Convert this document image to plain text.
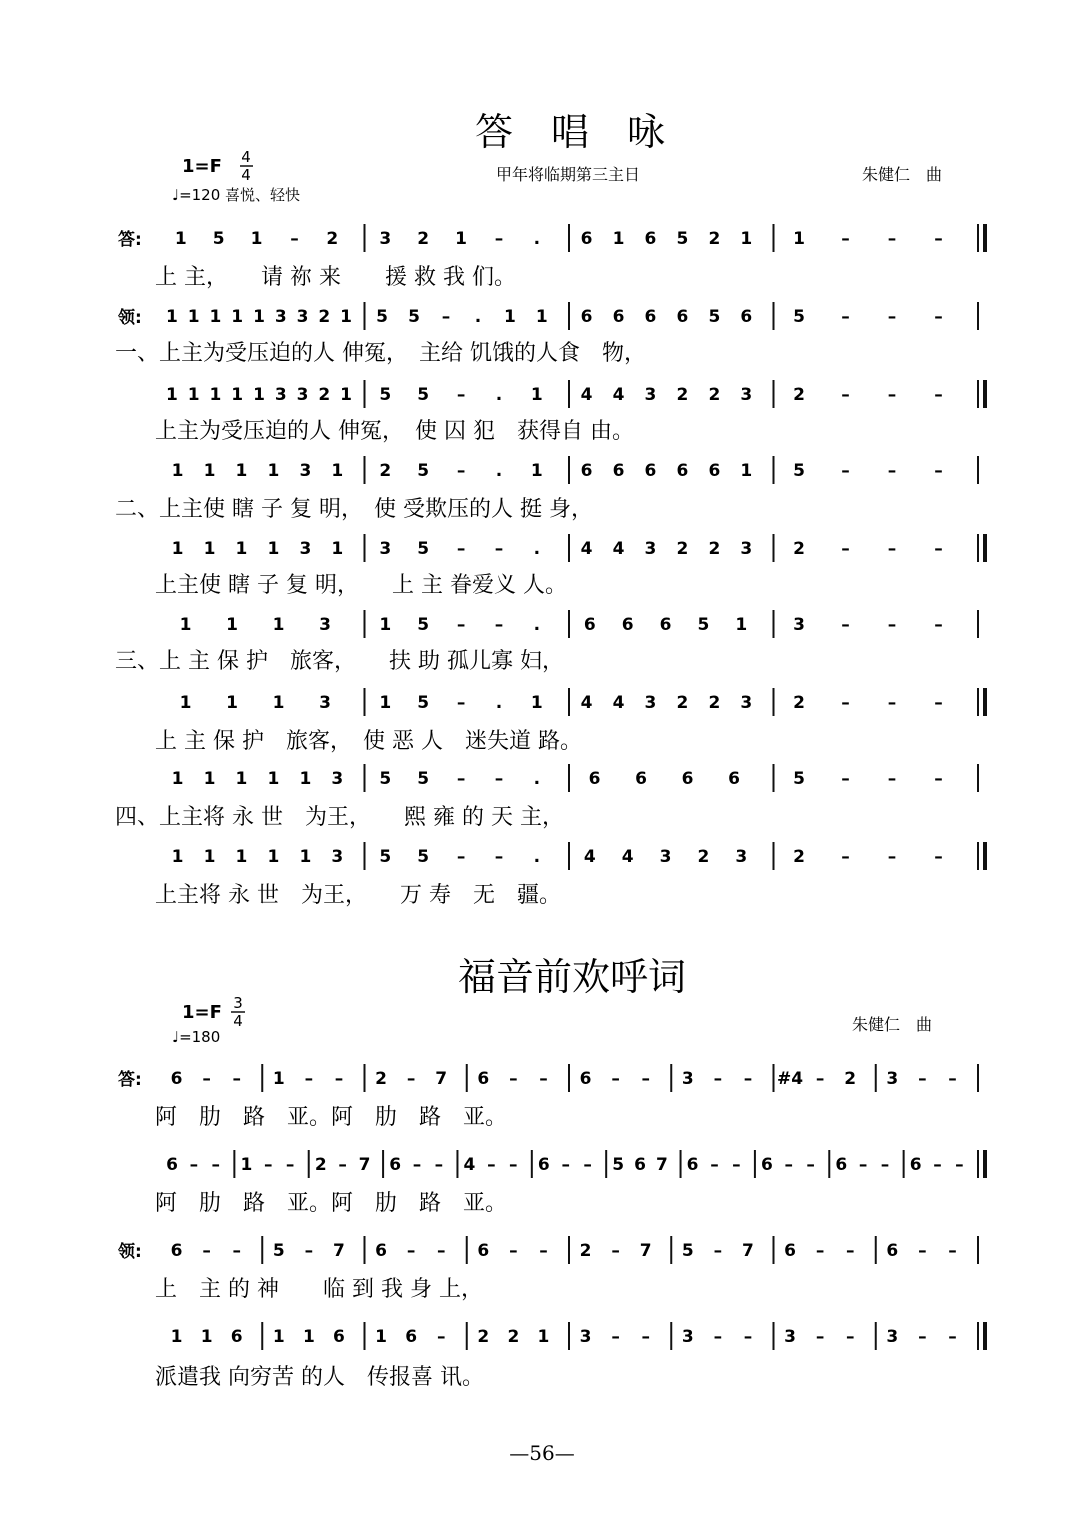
答　唱　咏
1=F 4
4
♩=120 喜悦、轻快
甲年将临期第三主日	朱健仁　曲
答: 1 5 1 – 2 3 2 1 – . 6 1 6 5 2 1 1 – – –
上 主，　　请 祢 来　　援 救 我 们。
领: 1 1 1 1 1 3 3 2 1 5 5 – . 1 1 6 6 6 6 5 6 5 – – –
一、上主为受压迫的人 伸冤，　主给 饥饿的人食　物，
1 1 1 1 1 3 3 2 1 5 5 – . 1 4 4 3 2 2 3 2 – – –
上主为受压迫的人 伸冤，　使 囚 犯　获得自 由。
1 1 1 1 3 1 2 5 – . 1 6 6 6 6 6 1 5 – – –
二、上主使 瞎 子 复 明，　使 受欺压的人 挺 身，
1 1 1 1 3 1 3 5 – – . 4 4 3 2 2 3 2 – – –
上主使 瞎 子 复 明，　　上 主 眷爱义 人。
1 1 1 3	1 5 – – .	6 6 6 5 1	3 – – –
三、上 主 保 护　旅客，　　扶 助 孤儿寡 妇，
1 1 1 3	1 5 – . 1 4 4 3 2 2 3 2 – – –
上 主 保 护　旅客，　使 恶 人　迷失道 路。
1 1 1 1 1 3 5 5 – – .	6 6 6 6	5 – – –
四、上主将 永 世　为王，　　熙 雍 的 天 主，
1 1 1 1 1 3 5 5 – – .	4 4 3 2 3	2 – – –
上主将 永 世　为王，　　万 寿　无　疆。
福音前欢呼词
1=F 3
4
♩=180
朱健仁　曲
答: 6 – – 1 – – 2 – 7 6 – – 6 – – 3 – – #4 – 2 3 – –
阿　肋　路　亚。阿　肋　路　亚。
6 – – 1 – – 2 – 7 6 – – 4 – – 6 – – 5 6 7 6 – – 6 – – 6 – – 6 – –
阿　肋　路　亚。阿　肋　路　亚。
领: 6 – – 5 – 7 6 – – 6 – – 2 – 7 5 – 7 6 – – 6 – –
上　主 的 神　　临 到 我 身 上，
1 1 6 1 1 6 1 6 – 2 2 1 3 – – 3 – – 3 – – 3 – –
派遣我 向穷苦 的人　传报喜 讯。
—56—
